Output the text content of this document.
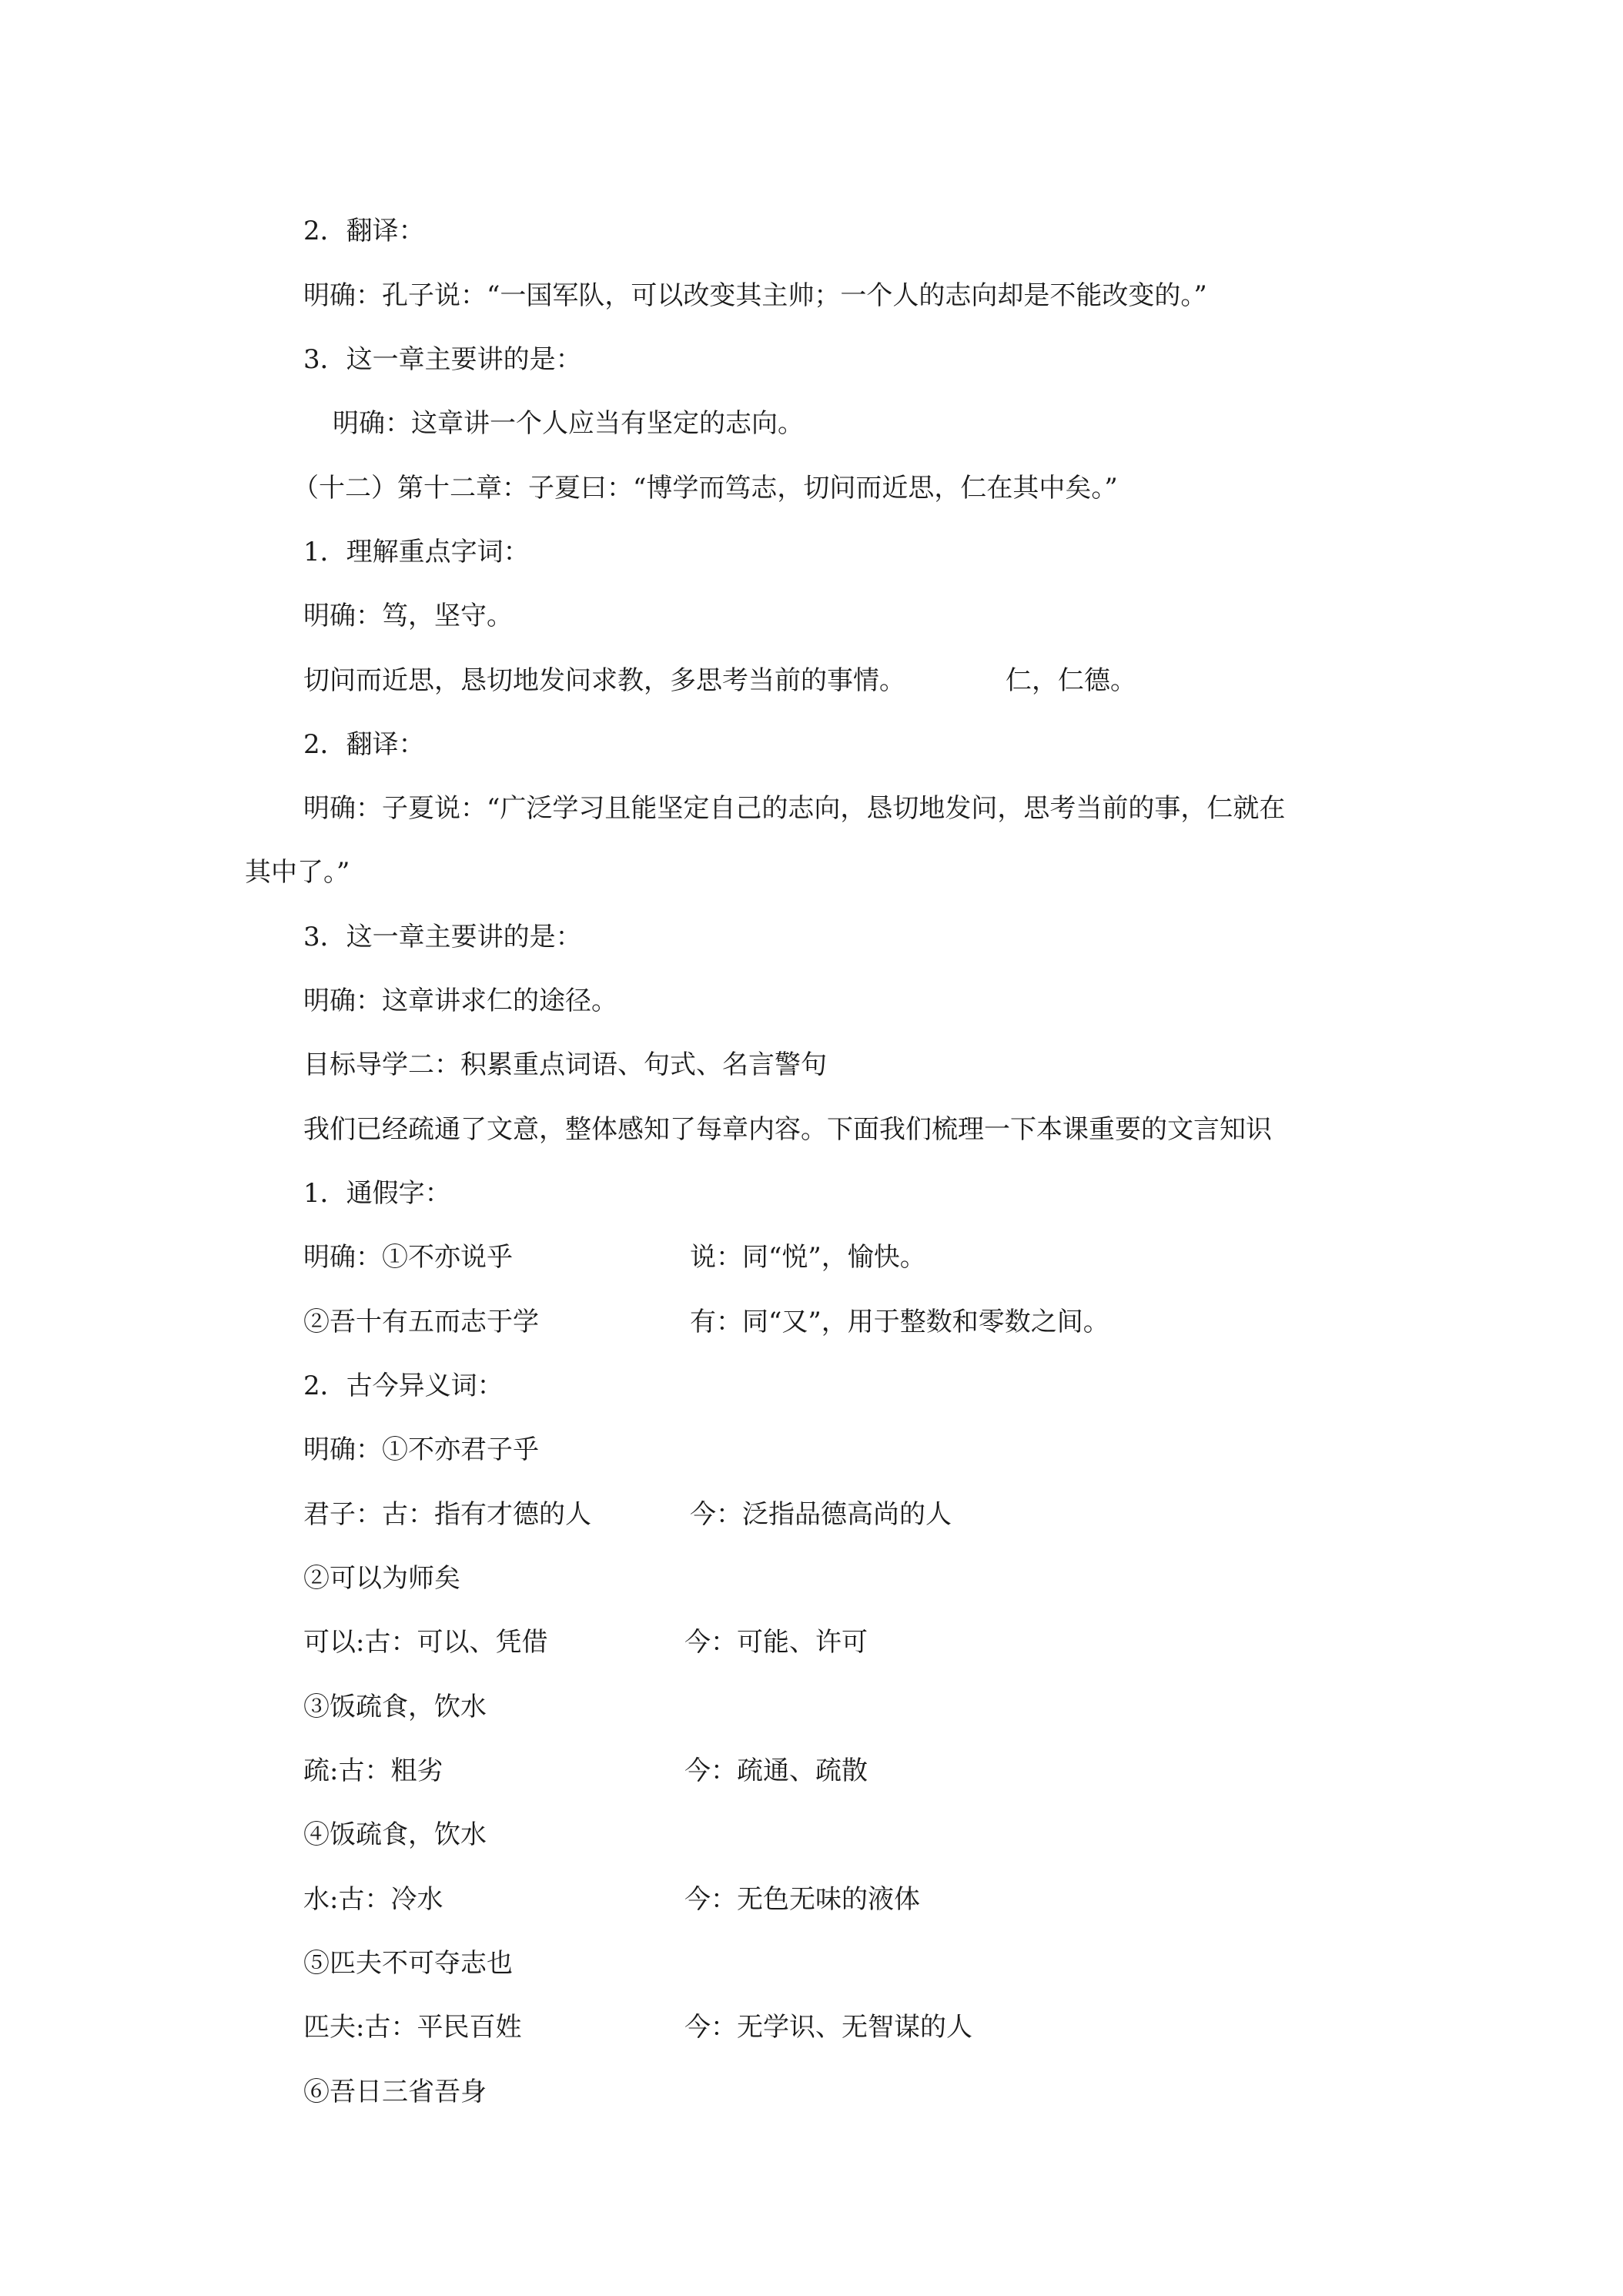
2．翻译：
明确：孔子说：“一国军队，可以改变其主帅；一个人的志向却是不能改变的。”
3．这一章主要讲的是：
明确：这章讲一个人应当有坚定的志向。
（十二）第十二章：子夏曰：“博学而笃志，切问而近思，仁在其中矣。”
1．理解重点字词：
明确：笃，坚守。
切问而近思，恳切地发问求教，多思考当前的事情。	仁，仁德。
2．翻译：
明确：子夏说：“广泛学习且能坚定自己的志向，恳切地发问，思考当前的事，仁就在
其中了。”
3．这一章主要讲的是：
明确：这章讲求仁的途径。
目标导学二：积累重点词语、句式、名言警句
我们已经疏通了文意，整体感知了每章内容。下面我们梳理一下本课重要的文言知识
1．通假字：
明确：①不亦说乎	说：同“悦”，愉快。
②吾十有五而志于学	有：同“又”，用于整数和零数之间。
2．古今异义词：
明确：①不亦君子乎
君子：古：指有才德的人	今：泛指品德高尚的人
②可以为师矣
可以:古：可以、凭借	今：可能、许可
③饭疏食，饮水
疏:古：粗劣	今：疏通、疏散
④饭疏食，饮水
水:古：冷水	今：无色无味的液体
⑤匹夫不可夺志也
匹夫:古：平民百姓	今：无学识、无智谋的人
⑥吾日三省吾身
